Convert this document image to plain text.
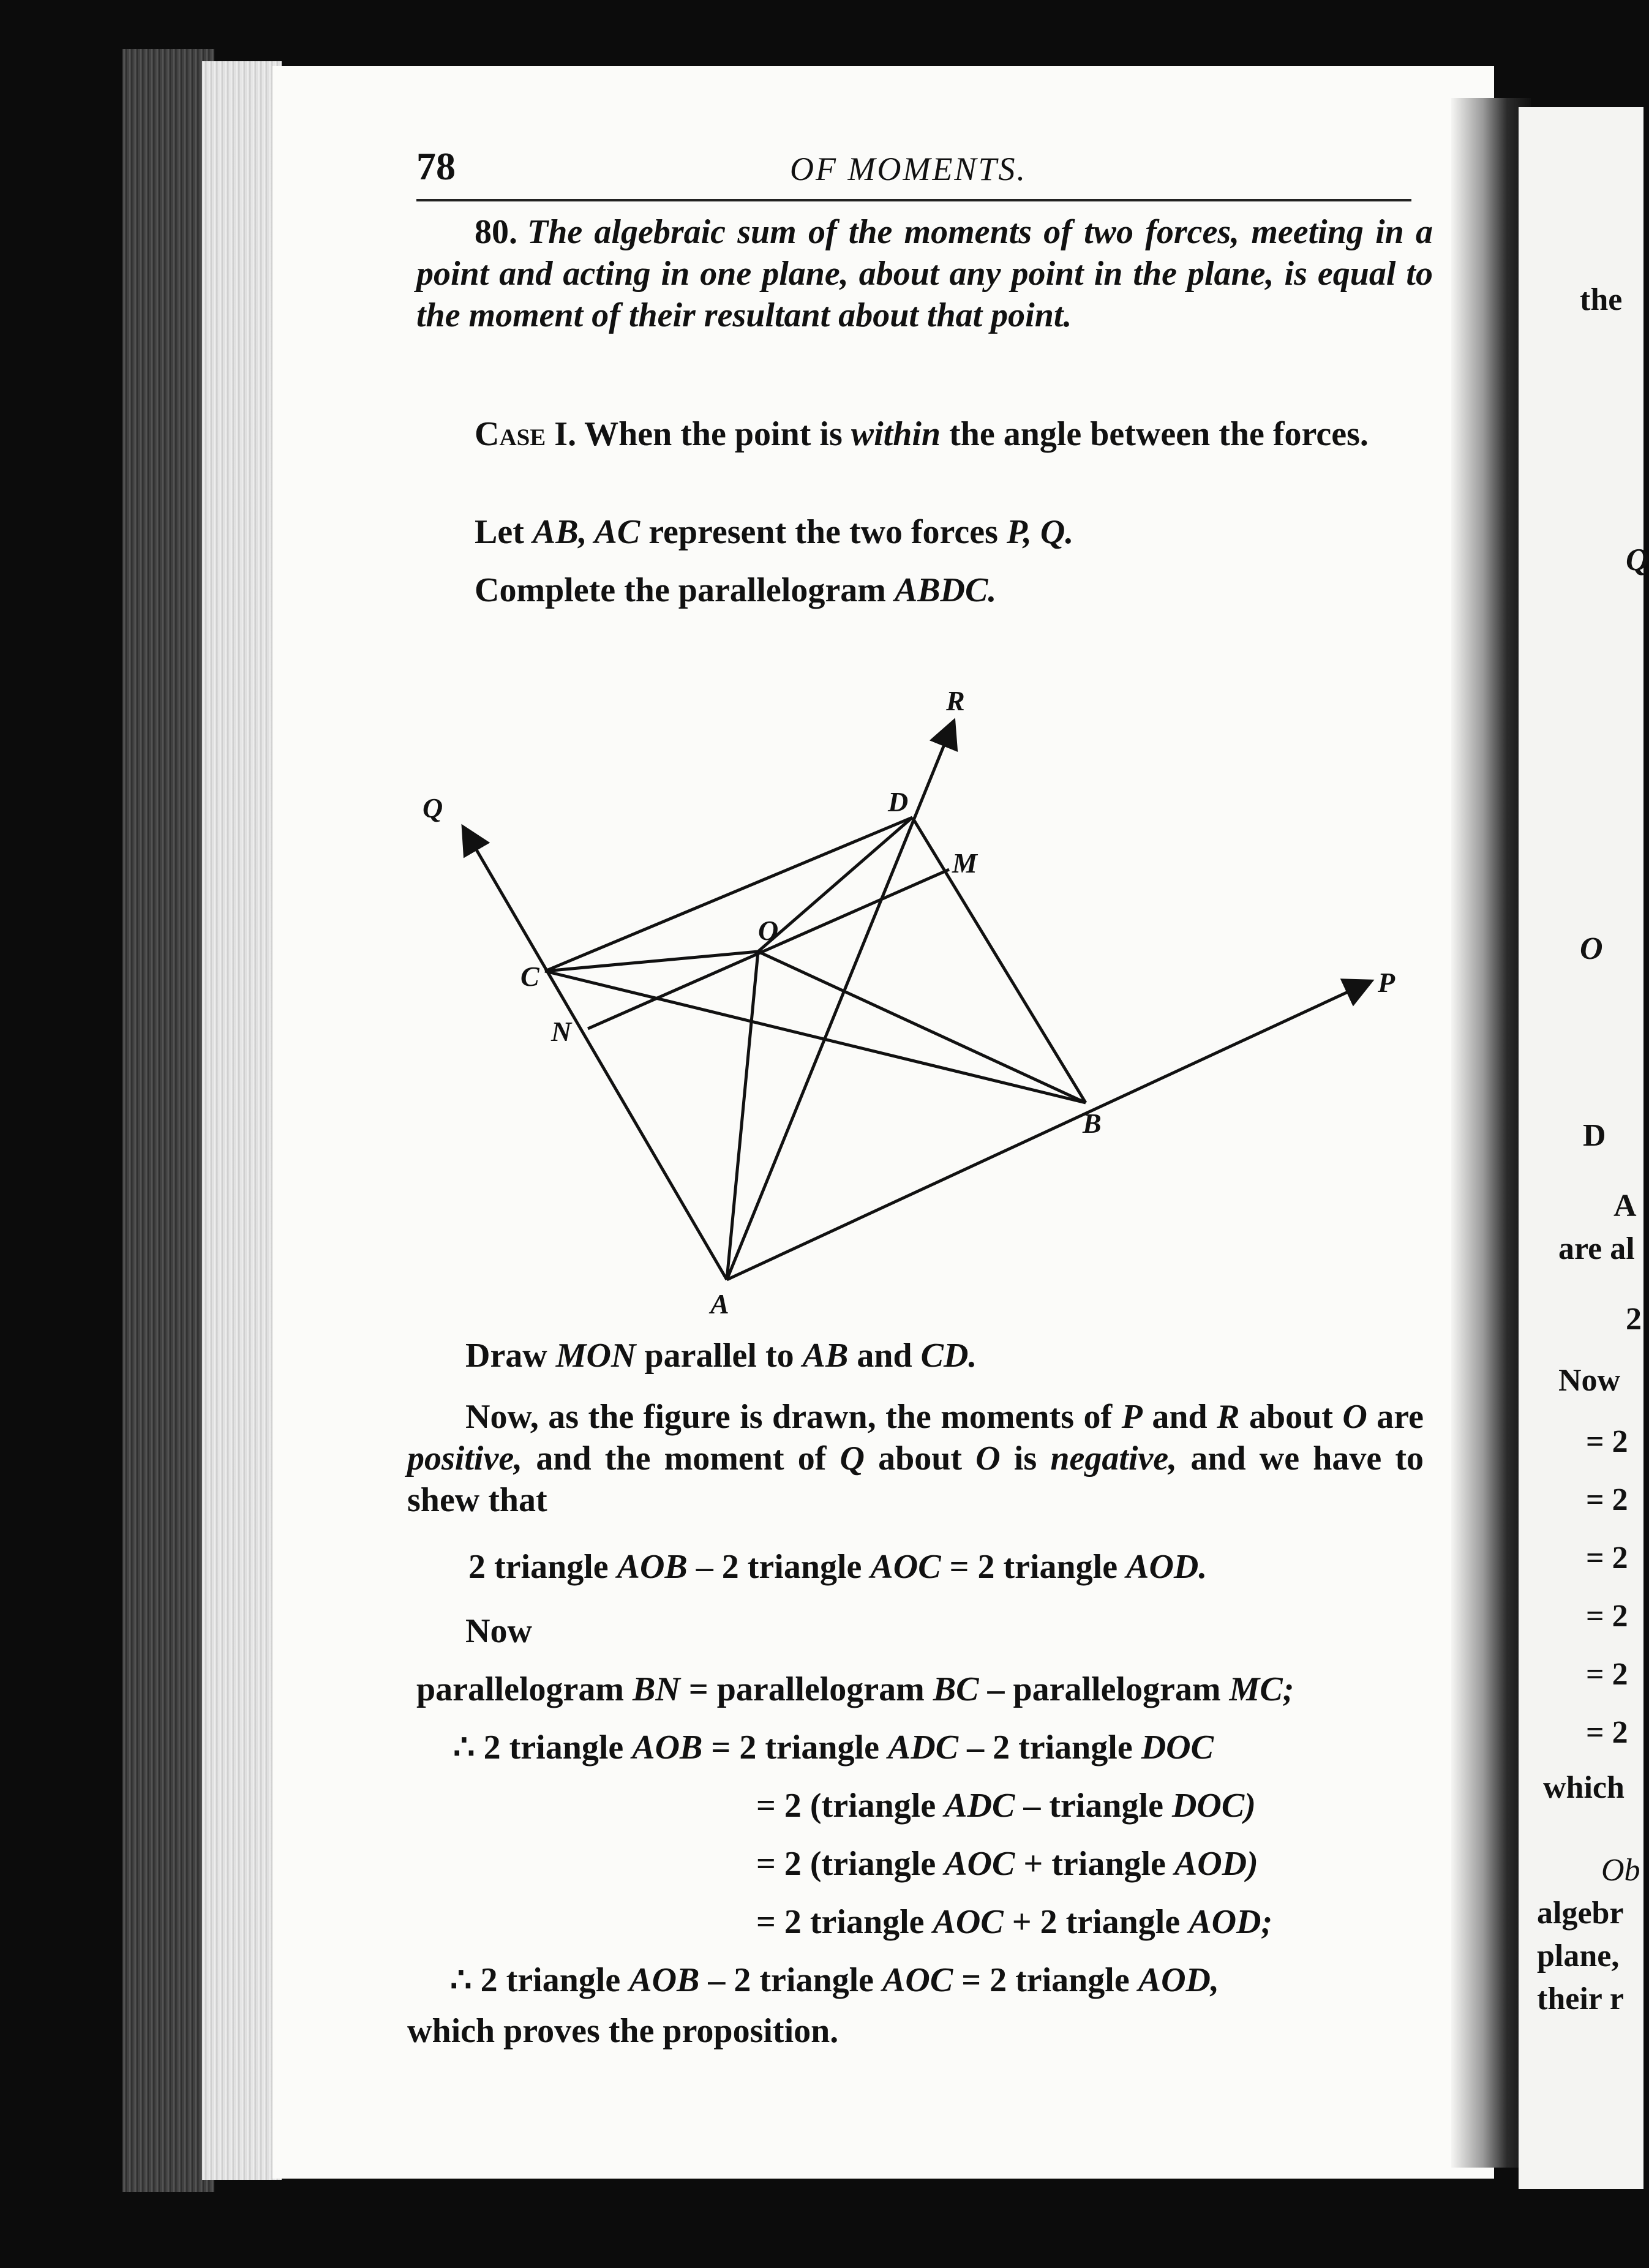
the
Q
O
D
A
are al
2
Now
= 2
= 2
= 2
= 2
= 2
= 2
which
Ob
algebr
plane,
their r
78	OF MOMENTS.
80. The algebraic sum of the moments of two forces, meeting in a point and acting in one plane, about any point in the plane, is equal to the moment of their resultant about that point.
Case I. When the point is within the angle between the forces.
Let AB, AC represent the two forces P, Q.
Complete the parallelogram ABDC.
Q
R
D
M
O
C
N
B
A
P
Draw MON parallel to AB and CD.
Now, as the figure is drawn, the moments of P and R about O are positive, and the moment of Q about O is negative, and we have to shew that
2 triangle AOB – 2 triangle AOC = 2 triangle AOD.
Now
parallelogram BN = parallelogram BC – parallelogram MC;
∴ 2 triangle AOB = 2 triangle ADC – 2 triangle DOC
= 2 (triangle ADC – triangle DOC)
= 2 (triangle AOC + triangle AOD)
= 2 triangle AOC + 2 triangle AOD;
∴ 2 triangle AOB – 2 triangle AOC = 2 triangle AOD,
which proves the proposition.
